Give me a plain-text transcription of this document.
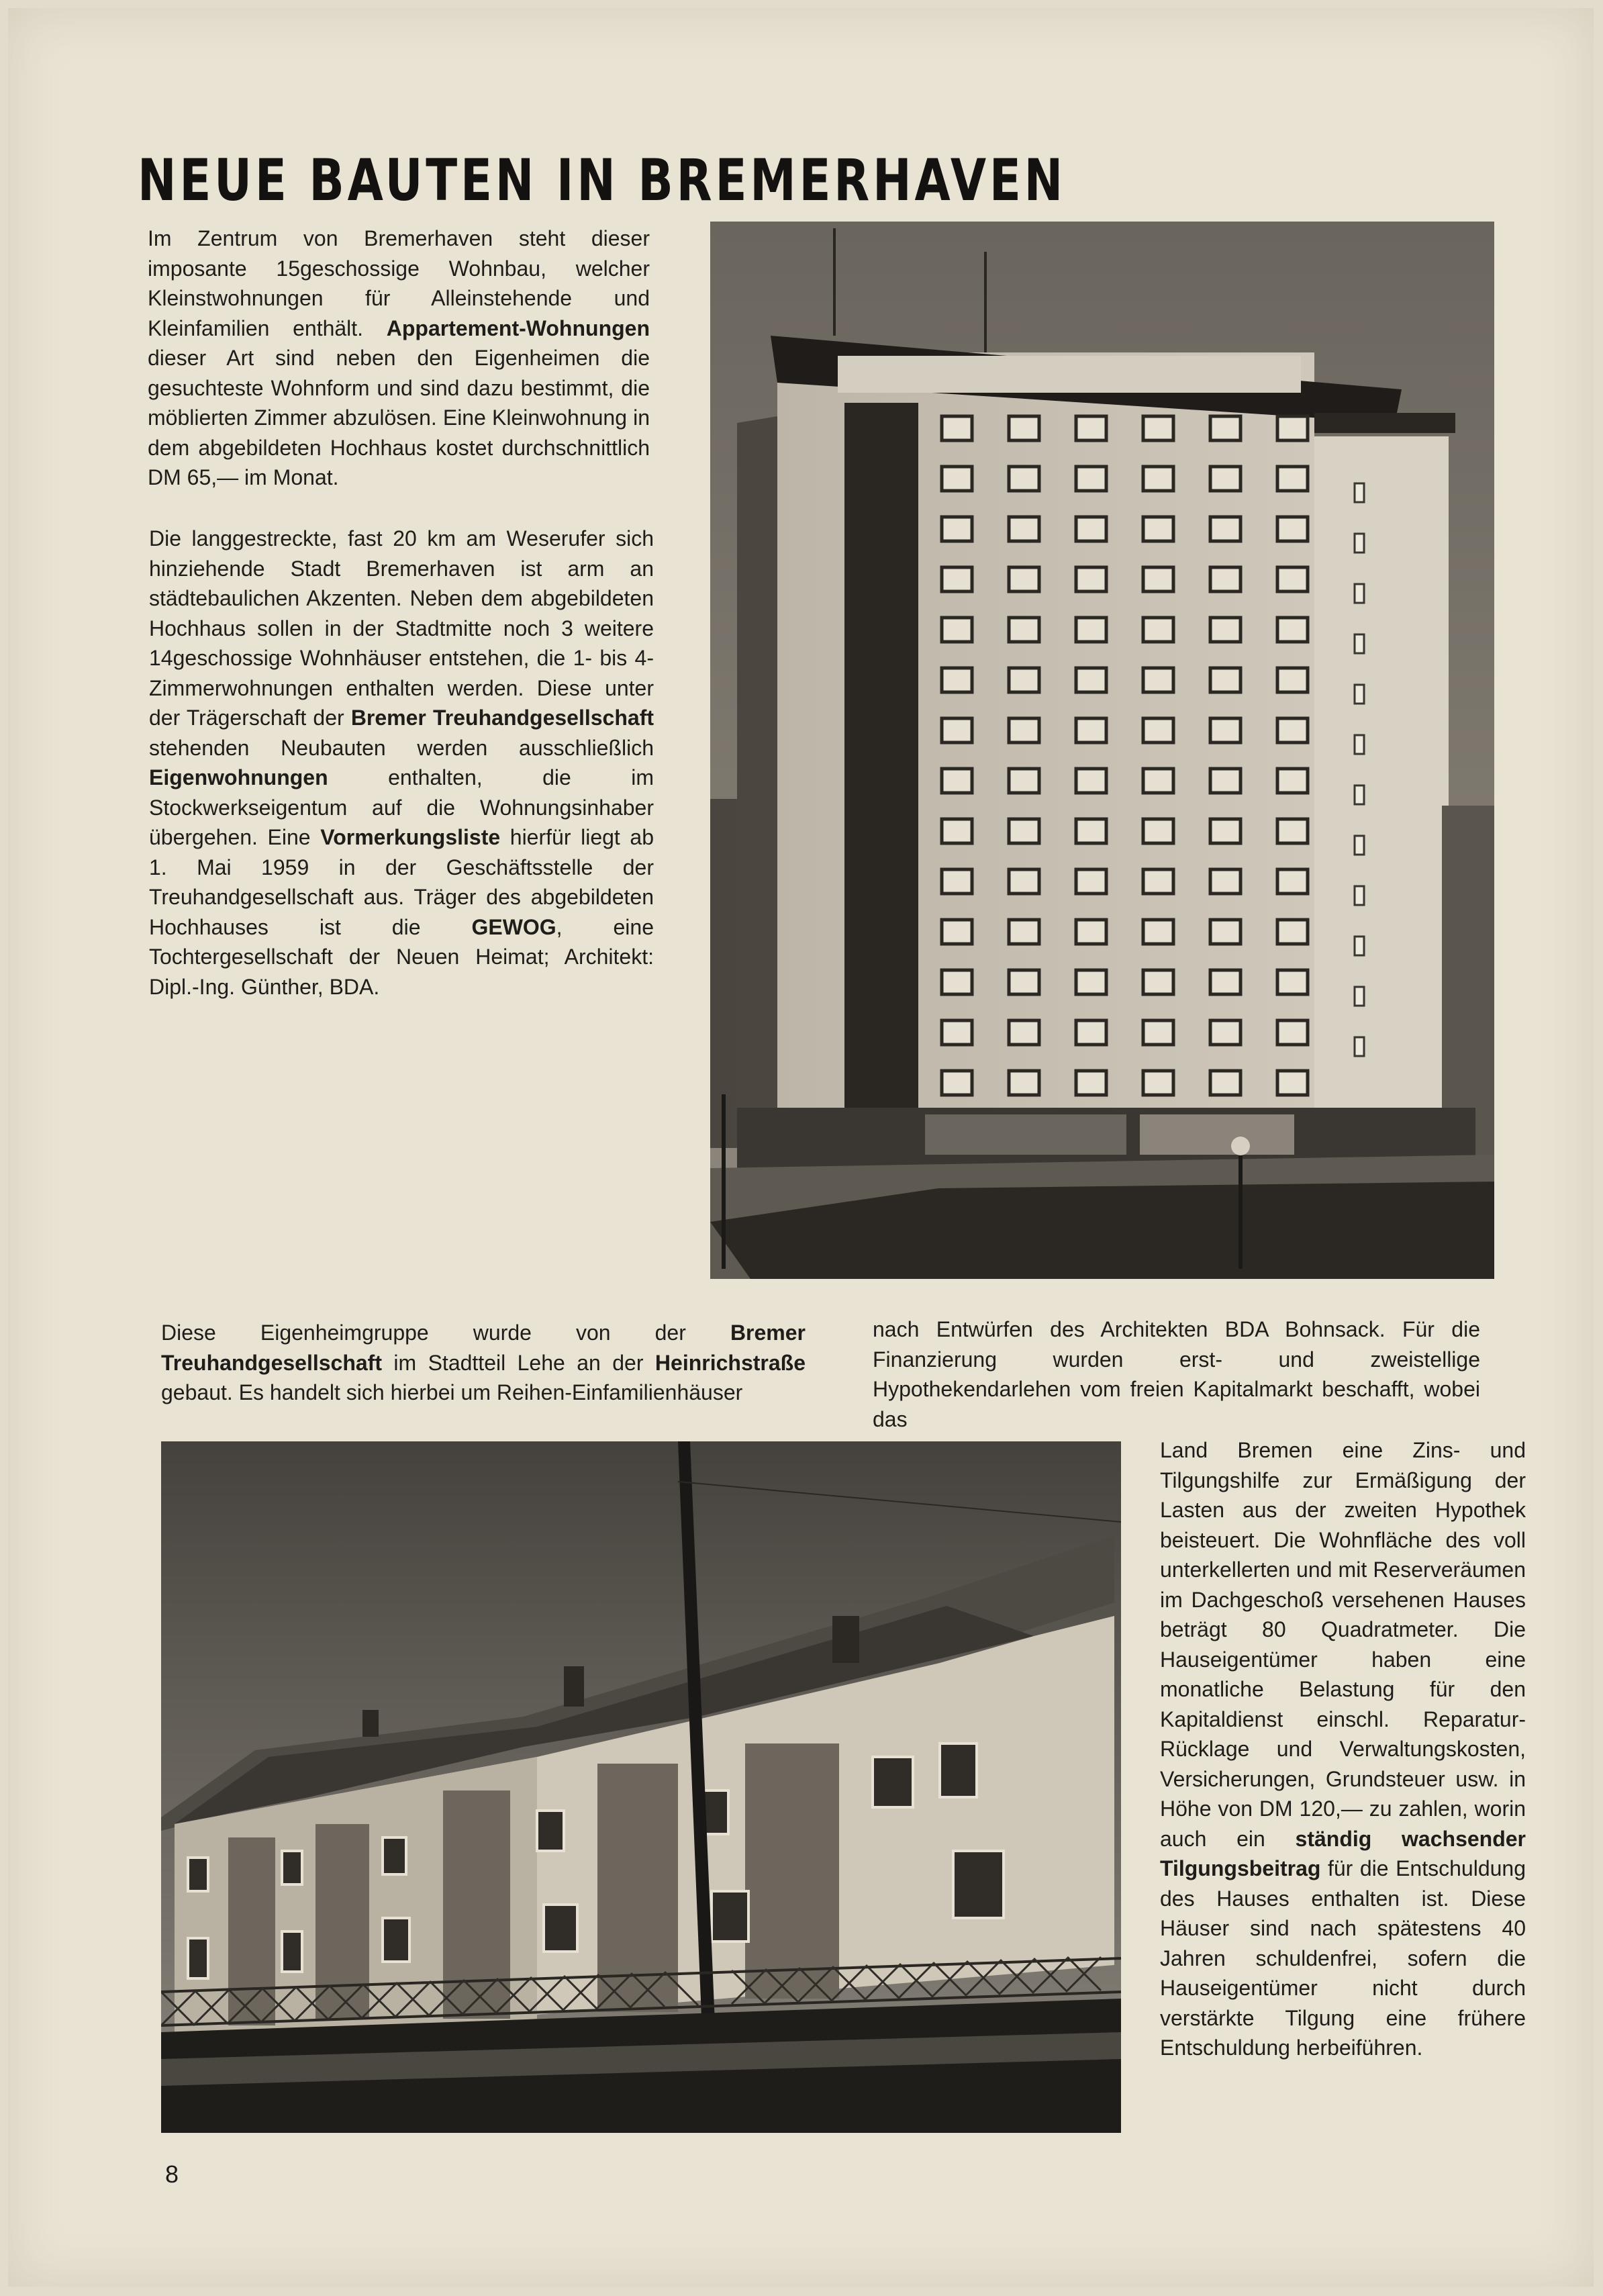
NEUE BAUTEN IN BREMERHAVEN

Im Zentrum von Bremerhaven steht dieser imposante 15geschossige Wohnbau, welcher Kleinstwohnungen für Alleinstehende und Kleinfamilien enthält. Appartement-Wohnungen dieser Art sind neben den Eigenheimen die gesuchteste Wohnform und sind dazu bestimmt, die möblierten Zimmer abzulösen. Eine Kleinwohnung in dem abgebildeten Hochhaus kostet durchschnittlich DM 65,— im Monat.

Die langgestreckte, fast 20 km am Weserufer sich hinziehende Stadt Bremerhaven ist arm an städtebaulichen Akzenten. Neben dem abgebildeten Hochhaus sollen in der Stadtmitte noch 3 weitere 14geschossige Wohnhäuser entstehen, die 1- bis 4-Zimmerwohnungen enthalten werden. Diese unter der Trägerschaft der Bremer Treuhandgesellschaft stehenden Neubauten werden ausschließlich Eigenwohnungen enthalten, die im Stockwerkseigentum auf die Wohnungsinhaber übergehen. Eine Vormerkungsliste hierfür liegt ab 1. Mai 1959 in der Geschäftsstelle der Treuhandgesellschaft aus. Träger des abgebildeten Hochhauses ist die GEWOG, eine Tochtergesellschaft der Neuen Heimat; Architekt: Dipl.-Ing. Günther, BDA.

Diese Eigenheimgruppe wurde von der Bremer Treuhandgesellschaft im Stadtteil Lehe an der Heinrichstraße gebaut. Es handelt sich hierbei um Reihen-Einfamilienhäuser

nach Entwürfen des Architekten BDA Bohnsack. Für die Finanzierung wurden erst- und zweistellige Hypothekendarlehen vom freien Kapitalmarkt beschafft, wobei das

Land Bremen eine Zins- und Tilgungshilfe zur Ermäßigung der Lasten aus der zweiten Hypothek beisteuert. Die Wohnfläche des voll unterkellerten und mit Reserveräumen im Dachgeschoß versehenen Hauses beträgt 80 Quadratmeter. Die Hauseigentümer haben eine monatliche Belastung für den Kapitaldienst einschl. Reparatur-Rücklage und Verwaltungskosten, Versicherungen, Grundsteuer usw. in Höhe von DM 120,— zu zahlen, worin auch ein ständig wachsender Tilgungsbeitrag für die Entschuldung des Hauses enthalten ist. Diese Häuser sind nach spätestens 40 Jahren schuldenfrei, sofern die Hauseigentümer nicht durch verstärkte Tilgung eine frühere Entschuldung herbeiführen.

8
